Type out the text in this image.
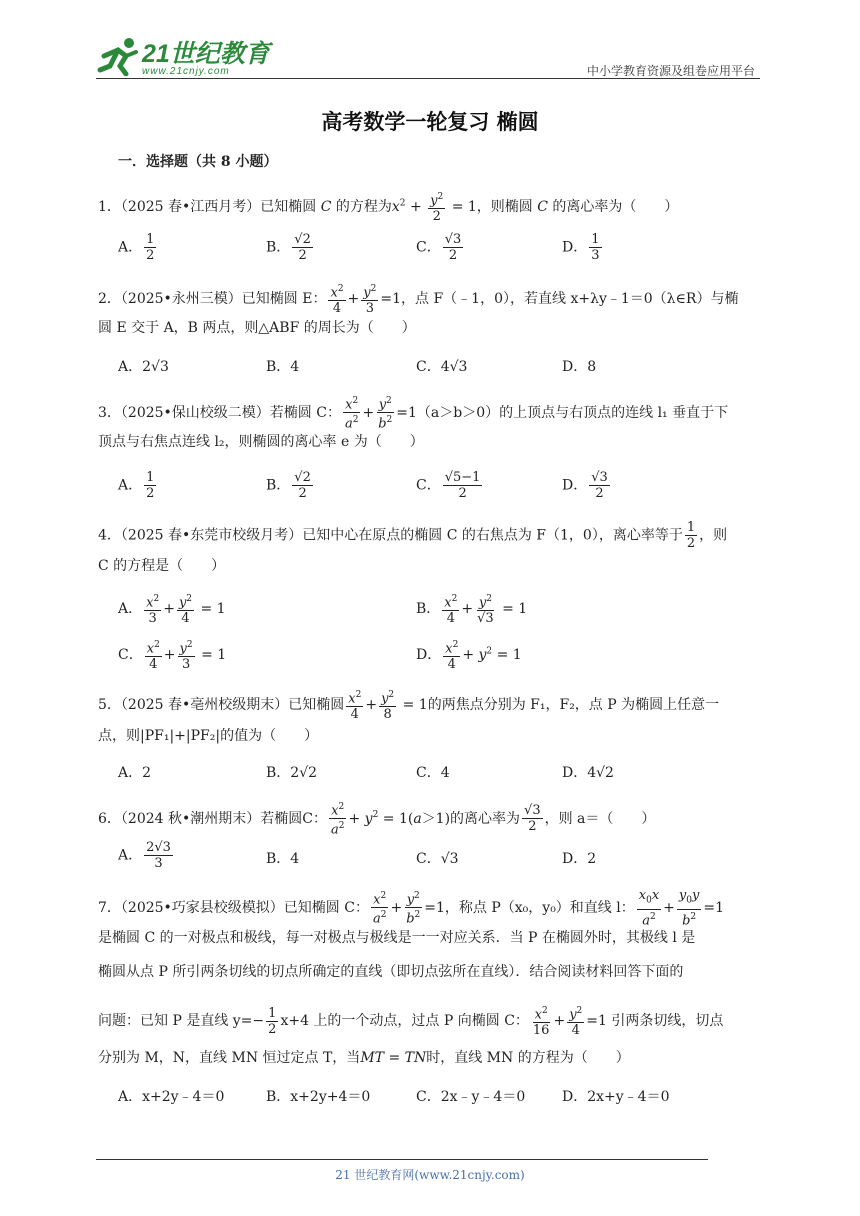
21世纪教育
www.21cnjy.com	中小学教育资源及组卷应用平台
高考数学一轮复习 椭圆
一．选择题（共 8 小题）
1．（2025 春•江西月考）已知椭圆 C 的方程为$x^2 + \frac{y^2}{2} = 1$，则椭圆 C 的离心率为（　　）
A． $\frac{1}{2}$	B． $\frac{√2}{2}$	C． $\frac{√3}{2}$	D． $\frac{1}{3}$
2．（2025•永州三模）已知椭圆 E： $\frac{x^2}{4} + \frac{y^2}{3} =1$，点 F（﹣1，0），若直线 x+λy﹣1＝0（λ∈R）与椭
圆 E 交于 A，B 两点，则△ABF 的周长为（　　）
A．2√3	B．4	C．4√3	D．8
3．（2025•保山校级二模）若椭圆 C： $\frac{x^2}{a^2} + \frac{y^2}{b^2} =1(a>b>0)$的上顶点与右顶点的连线 l₁ 垂直于下
顶点与右焦点连线 l₂，则椭圆的离心率 e 为（　　）
A． $\frac{1}{2}$	B． $\frac{√2}{2}$	C． $\frac{√5-1}{2}$	D． $\frac{√3}{2}$
4．（2025 春•东莞市校级月考）已知中心在原点的椭圆 C 的右焦点为 F（1，0），离心率等于 $\frac{1}{2}$ ，则
C 的方程是（　　）
A． $\frac{x^2}{3} + \frac{y^2}{4} = 1$	B． $\frac{x^2}{4} + \frac{y^2}{√3} = 1$
C． $\frac{x^2}{4} + \frac{y^2}{3} = 1$	D． $\frac{x^2}{4} + y^2 = 1$
5．（2025 春•亳州校级期末）已知椭圆 $\frac{x^2}{4} + \frac{y^2}{8} = 1$的两焦点分别为 F₁，F₂，点 P 为椭圆上任意一
点，则|PF₁|+|PF₂|的值为（　　）
A．2	B．2√2	C．4	D．4√2
6．（2024 秋•潮州期末）若椭圆C： $\frac{x^2}{a^2} + y^2 = 1(a>1)$的离心率为 $\frac{√3}{2}$ ，则 a＝（　　）
A． $\frac{2√3}{3}$	B．4	C．√3	D．2
7．（2025•巧家县校级模拟）已知椭圆 C： $\frac{x^2}{a^2} + \frac{y^2}{b^2} =1$，称点 P（x₀，y₀）和直线 l： $\frac{x_0x}{a^2} + \frac{y_0y}{b^2} =1$
是椭圆 C 的一对极点和极线，每一对极点与极线是一一对应关系．当 P 在椭圆外时，其极线 l 是
椭圆从点 P 所引两条切线的切点所确定的直线（即切点弦所在直线）．结合阅读材料回答下面的
问题：已知 P 是直线 $y=- \frac{1}{2} x+4$ 上的一个动点，过点 P 向椭圆 C： $\frac{x^2}{16} + \frac{y^2}{4} =1$ 引两条切线，切点
分别为 M，N，直线 MN 恒过定点 T，当MT = TN时，直线 MN 的方程为（　　）
A．x+2y﹣4＝0	B．x+2y+4＝0	C．2x﹣y﹣4＝0	D．2x+y﹣4＝0
21 世纪教育网(www.21cnjy.com)
